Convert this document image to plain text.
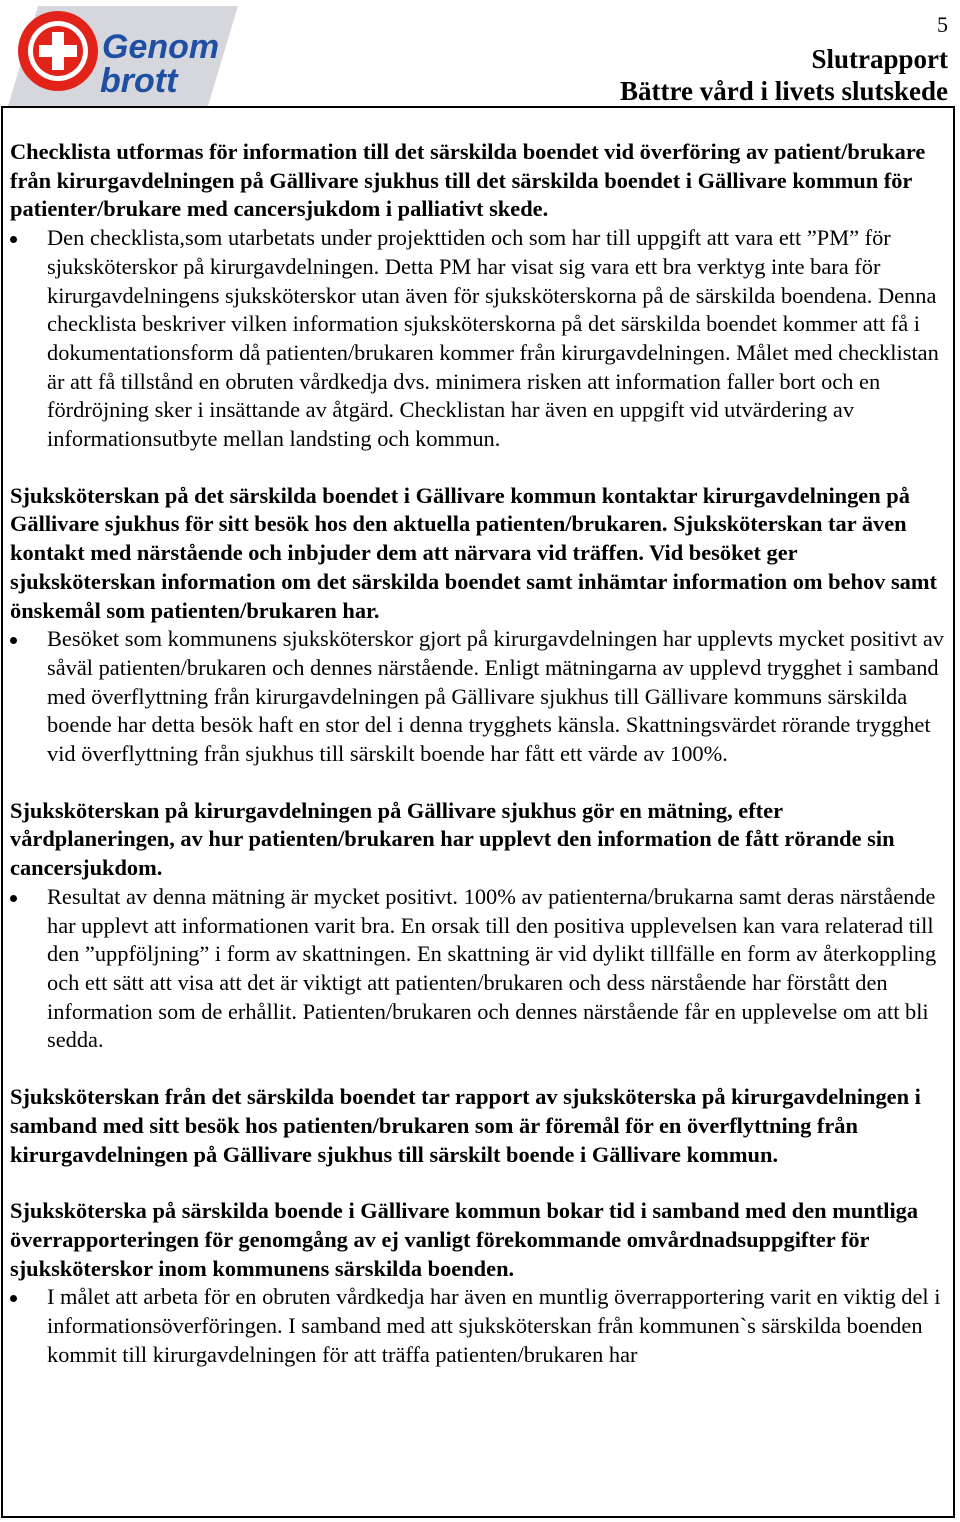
Genom
brott
5
Slutrapport
Bättre vård i livets slutskede

Checklista utformas för information till det särskilda boendet vid överföring av patient/brukare från kirurgavdelningen på Gällivare sjukhus till det särskilda boendet i Gällivare kommun för patienter/brukare med cancersjukdom i palliativt skede.

Den checklista,som utarbetats under projekttiden och som har till uppgift att vara ett ”PM” för sjuksköterskor på kirurgavdelningen. Detta PM har visat sig vara ett bra verktyg inte bara för kirurgavdelningens sjuksköterskor utan även för sjuksköterskorna på de särskilda boendena. Denna checklista beskriver vilken information sjuksköterskorna på det särskilda boendet kommer att få i dokumentationsform då patienten/brukaren kommer från kirurgavdelningen. Målet med checklistan är att få tillstånd en obruten vårdkedja dvs. minimera risken att information faller bort och en fördröjning sker i insättande av åtgärd. Checklistan har även en uppgift vid utvärdering av informationsutbyte mellan landsting och kommun.

Sjuksköterskan på det särskilda boendet i Gällivare kommun kontaktar kirurgavdelningen på Gällivare sjukhus för sitt besök hos den aktuella patienten/brukaren. Sjuksköterskan tar även kontakt med närstående och inbjuder dem att närvara vid träffen. Vid besöket ger sjuksköterskan information om det särskilda boendet samt inhämtar information om behov samt önskemål som patienten/brukaren har.

Besöket som kommunens sjuksköterskor gjort på kirurgavdelningen har upplevts mycket positivt av såväl patienten/brukaren och dennes närstående. Enligt mätningarna av upplevd trygghet i samband med överflyttning från kirurgavdelningen på Gällivare sjukhus till Gällivare kommuns särskilda boende har detta besök haft en stor del i denna trygghets känsla. Skattningsvärdet rörande trygghet vid överflyttning från sjukhus till särskilt boende har fått ett värde av 100%.

Sjuksköterskan på kirurgavdelningen på Gällivare sjukhus gör en mätning, efter vårdplaneringen, av hur patienten/brukaren har upplevt den information de fått rörande sin cancersjukdom.

Resultat av denna mätning är mycket positivt. 100% av patienterna/brukarna samt deras närstående har upplevt att informationen varit bra. En orsak till den positiva upplevelsen kan vara relaterad till den ”uppföljning” i form av skattningen. En skattning är vid dylikt tillfälle en form av återkoppling och ett sätt att visa att det är viktigt att patienten/brukaren och dess närstående har förstått den information som de erhållit. Patienten/brukaren och dennes närstående får en upplevelse om att bli sedda.

Sjuksköterskan från det särskilda boendet tar rapport av sjuksköterska på kirurgavdelningen i samband med sitt besök hos patienten/brukaren som är föremål för en överflyttning från kirurgavdelningen på Gällivare sjukhus till särskilt boende i Gällivare kommun.

Sjuksköterska på särskilda boende i Gällivare kommun bokar tid i samband med den muntliga överrapporteringen för genomgång av ej vanligt förekommande omvårdnadsuppgifter för sjuksköterskor inom kommunens särskilda boenden.

I målet att arbeta för en obruten vårdkedja har även en muntlig överrapportering varit en viktig del i informationsöverföringen. I samband med att sjuksköterskan från kommunen`s särskilda boenden kommit till kirurgavdelningen för att träffa patienten/brukaren har
